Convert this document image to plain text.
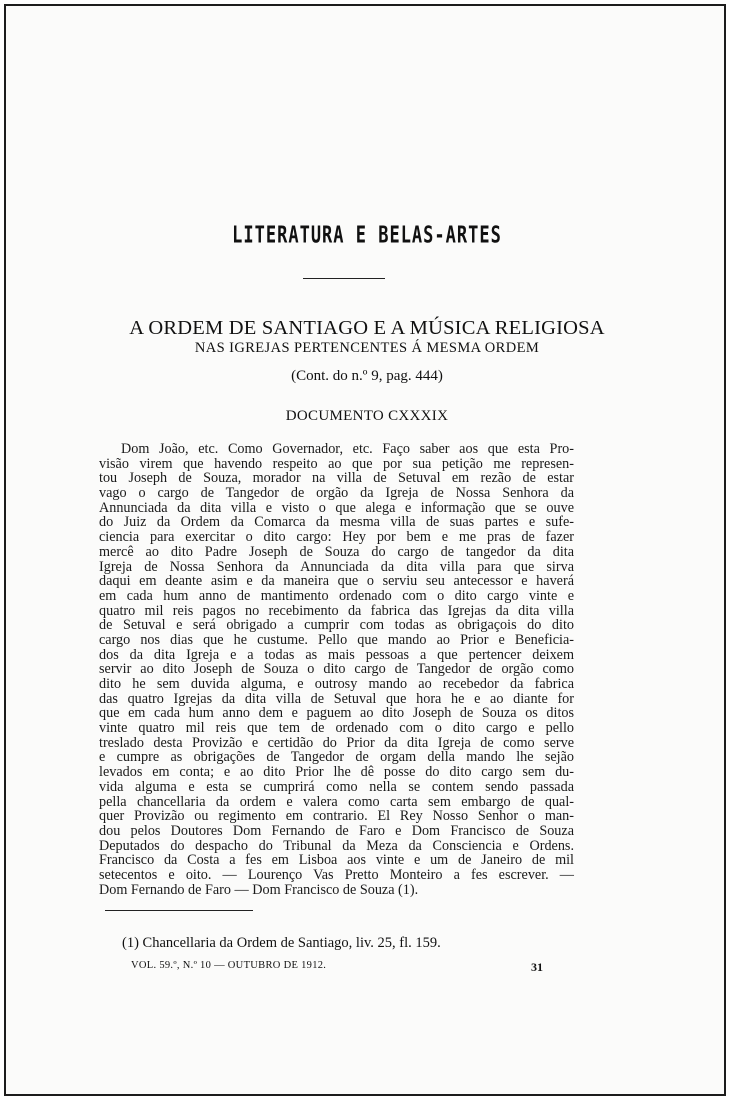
LITERATURA E BELAS-ARTES
A ORDEM DE SANTIAGO E A MÚSICA RELIGIOSA
NAS IGREJAS PERTENCENTES Á MESMA ORDEM
(Cont. do n.º 9, pag. 444)
DOCUMENTO CXXXIX
Dom João, etc. Como Governador, etc. Faço saber aos que esta Pro-
visão virem que havendo respeito ao que por sua petição me represen-
tou Joseph de Souza, morador na villa de Setuval em rezão de estar
vago o cargo de Tangedor de orgão da Igreja de Nossa Senhora da
Annunciada da dita villa e visto o que alega e informação que se ouve
do Juiz da Ordem da Comarca da mesma villa de suas partes e sufe-
ciencia para exercitar o dito cargo: Hey por bem e me pras de fazer
mercê ao dito Padre Joseph de Souza do cargo de tangedor da dita
Igreja de Nossa Senhora da Annunciada da dita villa para que sirva
daqui em deante asim e da maneira que o serviu seu antecessor e haverá
em cada hum anno de mantimento ordenado com o dito cargo vinte e
quatro mil reis pagos no recebimento da fabrica das Igrejas da dita villa
de Setuval e será obrigado a cumprir com todas as obrigaçois do dito
cargo nos dias que he custume. Pello que mando ao Prior e Beneficia-
dos da dita Igreja e a todas as mais pessoas a que pertencer deixem
servir ao dito Joseph de Souza o dito cargo de Tangedor de orgão como
dito he sem duvida alguma, e outrosy mando ao recebedor da fabrica
das quatro Igrejas da dita villa de Setuval que hora he e ao diante for
que em cada hum anno dem e paguem ao dito Joseph de Souza os ditos
vinte quatro mil reis que tem de ordenado com o dito cargo e pello
treslado desta Provizão e certidão do Prior da dita Igreja de como serve
e cumpre as obrigações de Tangedor de orgam della mando lhe sejão
levados em conta; e ao dito Prior lhe dê posse do dito cargo sem du-
vida alguma e esta se cumprirá como nella se contem sendo passada
pella chancellaria da ordem e valera como carta sem embargo de qual-
quer Provizão ou regimento em contrario. El Rey Nosso Senhor o man-
dou pelos Doutores Dom Fernando de Faro e Dom Francisco de Souza
Deputados do despacho do Tribunal da Meza da Consciencia e Ordens.
Francisco da Costa a fes em Lisboa aos vinte e um de Janeiro de mil
setecentos e oito. — Lourenço Vas Pretto Monteiro a fes escrever. —
Dom Fernando de Faro — Dom Francisco de Souza (1).
(1) Chancellaria da Ordem de Santiago, liv. 25, fl. 159.
VOL. 59.º, N.º 10 — OUTUBRO DE 1912.	31
